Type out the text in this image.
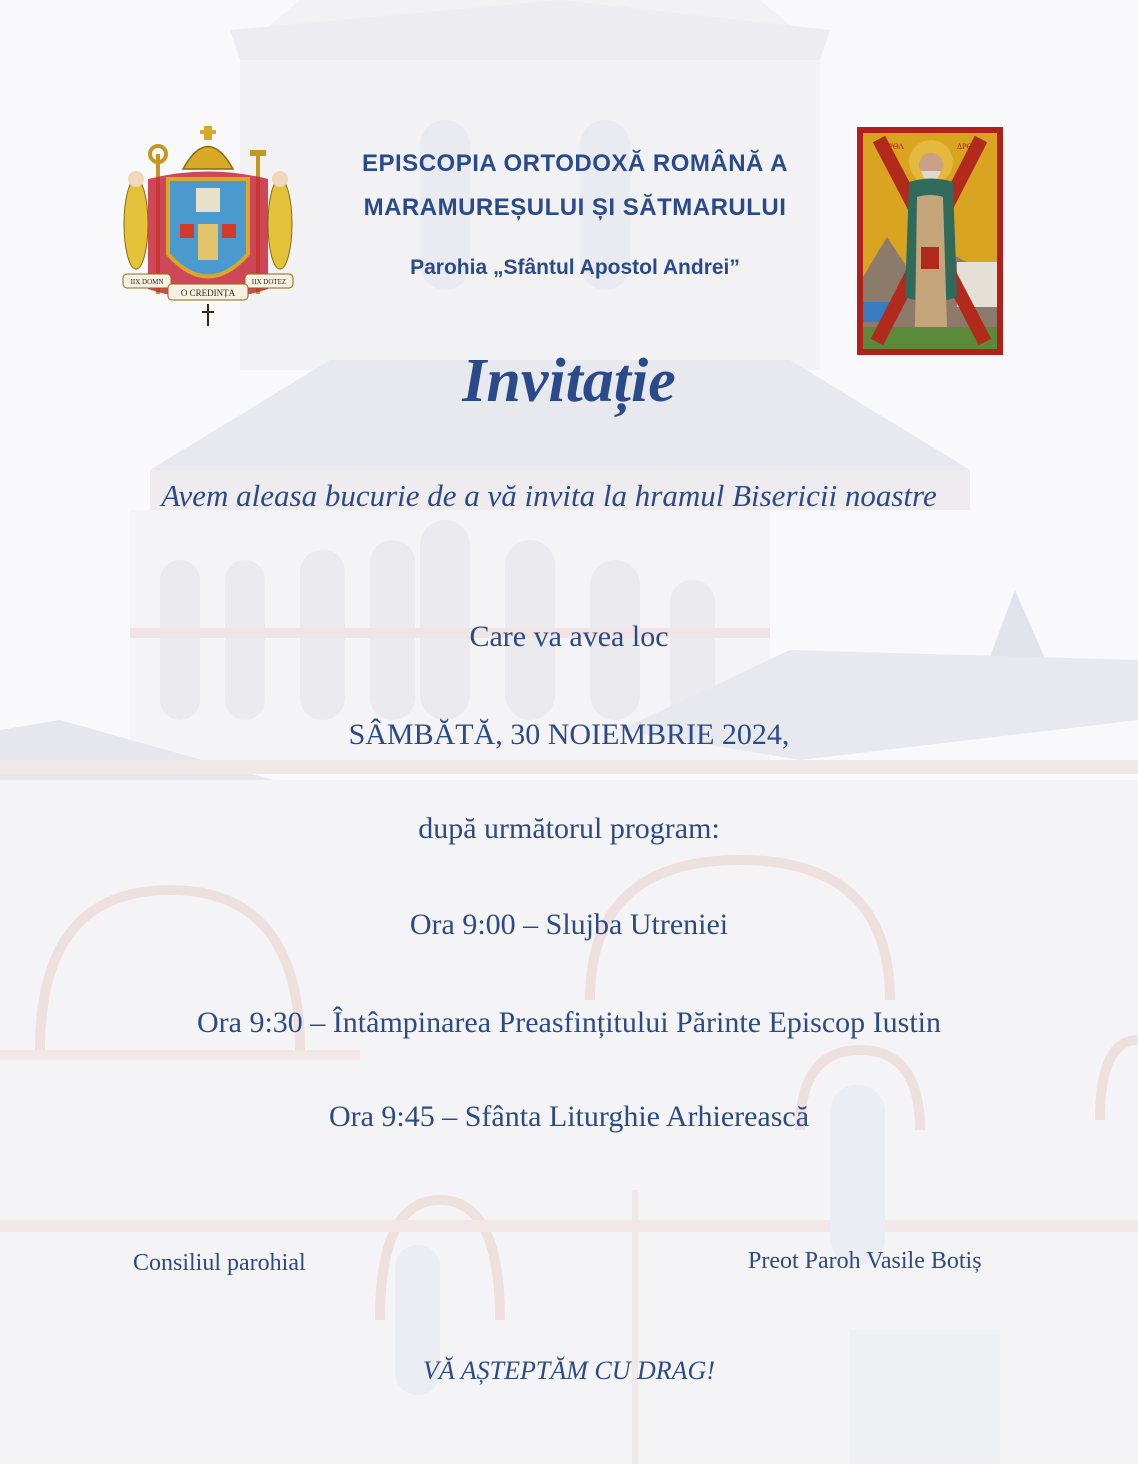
IIX DOMN	IIX DOTEZ
O CREDINȚA
EPISCOPIA ORTODOXĂ ROMÂNĂ A
MARAMUREȘULUI ȘI SĂTMARULUI
Parohia „Sfântul Apostol Andrei”
ѰΘΛ	ΔΡЄ
Invitație
Avem aleasa bucurie de a vă invita la hramul Bisericii noastre
Care va avea loc
SÂMBĂTĂ, 30 NOIEMBRIE 2024,
după următorul program:
Ora 9:00 – Slujba Utreniei
Ora 9:30 – Întâmpinarea Preasfințitului Părinte Episcop Iustin
Ora 9:45 – Sfânta Liturghie Arhierească
Consiliul parohial	Preot Paroh Vasile Botiș
VĂ AȘTEPTĂM CU DRAG!
